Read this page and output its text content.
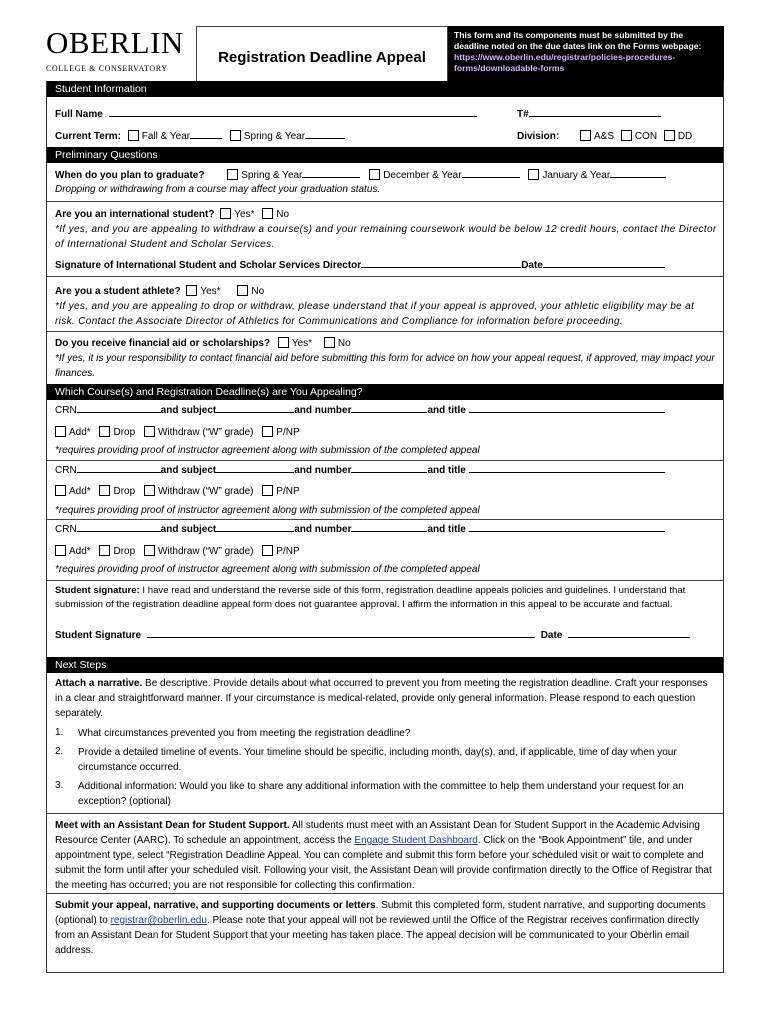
OBERLIN
COLLEGE & CONSERVATORY
Registration Deadline Appeal
This form and its components must be submitted by the deadline noted on the due dates link on the Forms webpage:
https://www.oberlin.edu/registrar/policies-procedures-forms/downloadable-forms
Student Information
Full Name	T#
Current Term: Fall & Year	Spring & Year	Division:	A&S CON DD
Preliminary Questions
When do you plan to graduate?	Spring & Year	December & Year	January & Year
Dropping or withdrawing from a course may affect your graduation status.
Are you an international student? Yes* No
*If yes, and you are appealing to withdraw a course(s) and your remaining coursework would be below 12 credit hours, contact the Director of International Student and Scholar Services.
Signature of International Student and Scholar Services Director	Date
Are you a student athlete? Yes*	No
*If yes, and you are appealing to drop or withdraw, please understand that if your appeal is approved, your athletic eligibility may be at risk. Contact the Associate Director of Athletics for Communications and Compliance for information before proceeding.
Do you receive financial aid or scholarships? Yes*	No
*If yes, it is your responsibility to contact financial aid before submitting this form for advice on how your appeal request, if approved, may impact your finances.
Which Course(s) and Registration Deadline(s) are You Appealing?
CRN	and subject	and number	and title
Add* Drop Withdraw (“W” grade) P/NP
*requires providing proof of instructor agreement along with submission of the completed appeal
CRN	and subject	and number	and title
Add* Drop Withdraw (“W” grade) P/NP
*requires providing proof of instructor agreement along with submission of the completed appeal
CRN	and subject	and number	and title
Add* Drop Withdraw (“W” grade) P/NP
*requires providing proof of instructor agreement along with submission of the completed appeal
Student signature: I have read and understand the reverse side of this form, registration deadline appeals policies and guidelines. I understand that submission of the registration deadline appeal form does not guarantee approval. I affirm the information in this appeal to be accurate and factual.
Student Signature	Date
Next Steps
Attach a narrative. Be descriptive. Provide details about what occurred to prevent you from meeting the registration deadline. Craft your responses in a clear and straightforward manner. If your circumstance is medical-related, provide only general information. Please respond to each question separately.
1. What circumstances prevented you from meeting the registration deadline?
2. Provide a detailed timeline of events. Your timeline should be specific, including month, day(s), and, if applicable, time of day when your circumstance occurred.
3. Additional information: Would you like to share any additional information with the committee to help them understand your request for an exception? (optional)
Meet with an Assistant Dean for Student Support. All students must meet with an Assistant Dean for Student Support in the Academic Advising Resource Center (AARC). To schedule an appointment, access the Engage Student Dashboard. Click on the “Book Appointment” tile, and under appointment type, select “Registration Deadline Appeal. You can complete and submit this form before your scheduled visit or wait to complete and submit the form until after your scheduled visit. Following your visit, the Assistant Dean will provide confirmation directly to the Office of Registrar that the meeting has occurred; you are not responsible for collecting this confirmation.
Submit your appeal, narrative, and supporting documents or letters. Submit this completed form, student narrative, and supporting documents (optional) to registrar@oberlin.edu. Please note that your appeal will not be reviewed until the Office of the Registrar receives confirmation directly from an Assistant Dean for Student Support that your meeting has taken place. The appeal decision will be communicated to your Oberlin email address.
